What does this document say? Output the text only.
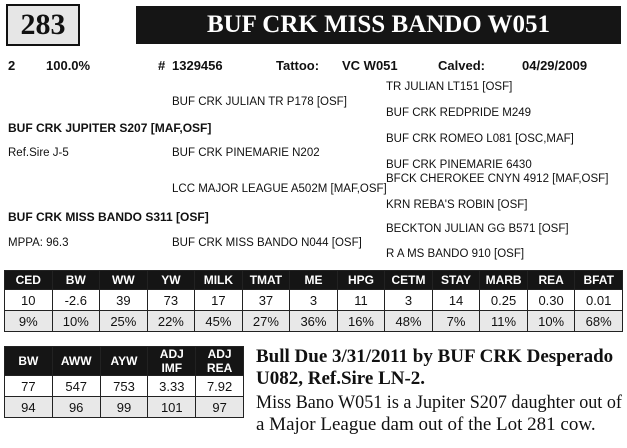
283	BUF CRK MISS BANDO W051
2 100.0%	# 1329456	Tattoo: VC W051	Calved:	04/29/2009
TR JULIAN LT151 [OSF]
BUF CRK JULIAN TR P178 [OSF]
BUF CRK REDPRIDE M249
BUF CRK JUPITER S207 [MAF,OSF]
BUF CRK ROMEO L081 [OSC,MAF]
Ref.Sire J-5	BUF CRK PINEMARIE N202
BUF CRK PINEMARIE 6430
BFCK CHEROKEE CNYN 4912 [MAF,OSF]
LCC MAJOR LEAGUE A502M [MAF,OSF]
KRN REBA'S ROBIN [OSF]
BUF CRK MISS BANDO S311 [OSF]
BECKTON JULIAN GG B571 [OSF]
MPPA: 96.3	BUF CRK MISS BANDO N044 [OSF]
R A MS BANDO 910 [OSF]
CED	BW	WW	YW	MILK	TMAT	ME	HPG	CETM	STAY	MARB	REA	BFAT
10	-2.6	39	73	17	37	3	11	3	14	0.25	0.30	0.01
9%	10%	25%	22%	45%	27%	36%	16%	48%	7%	11%	10%	68%
BW	AWW	AYW	ADJ IMF	ADJ REA
77	547	753	3.33	7.92
94	96	99	101	97
Bull Due 3/31/2011 by BUF CRK Desperado
U082, Ref.Sire LN-2.
Miss Bano W051 is a Jupiter S207 daughter out of
a Major League dam out of the Lot 281 cow.
